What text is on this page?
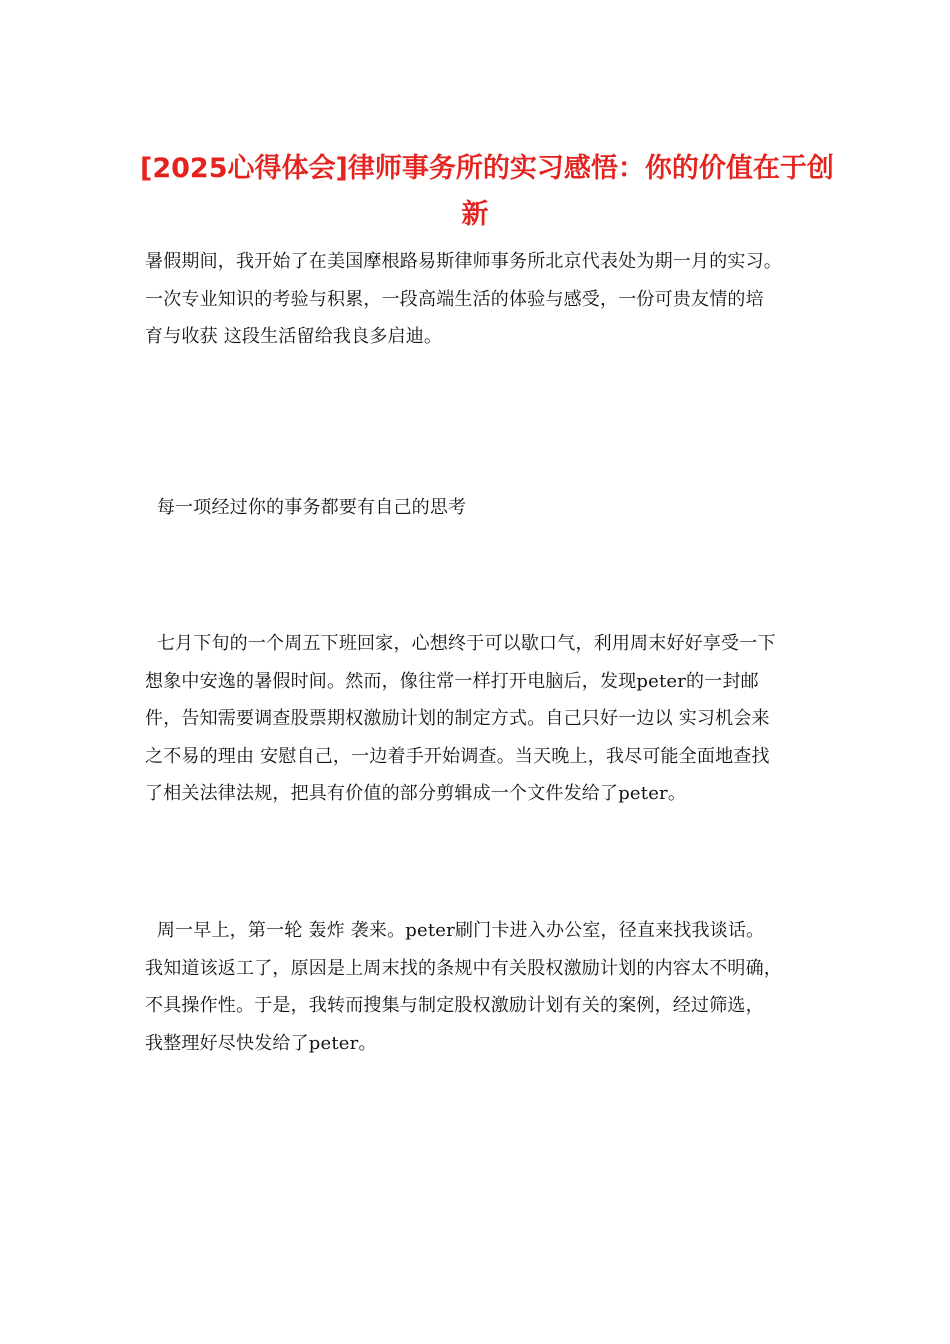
[2025心得体会]律师事务所的实习感悟：你的价值在于创
新
暑假期间，我开始了在美国摩根路易斯律师事务所北京代表处为期一月的实习。
一次专业知识的考验与积累，一段高端生活的体验与感受，一份可贵友情的培
育与收获 这段生活留给我良多启迪。
每一项经过你的事务都要有自己的思考
七月下旬的一个周五下班回家，心想终于可以歇口气，利用周末好好享受一下
想象中安逸的暑假时间。然而，像往常一样打开电脑后，发现peter的一封邮
件，告知需要调查股票期权激励计划的制定方式。自己只好一边以 实习机会来
之不易的理由 安慰自己，一边着手开始调查。当天晚上，我尽可能全面地查找
了相关法律法规，把具有价值的部分剪辑成一个文件发给了peter。
周一早上，第一轮 轰炸 袭来。peter刷门卡进入办公室，径直来找我谈话。
我知道该返工了，原因是上周末找的条规中有关股权激励计划的内容太不明确，
不具操作性。于是，我转而搜集与制定股权激励计划有关的案例，经过筛选，
我整理好尽快发给了peter。
